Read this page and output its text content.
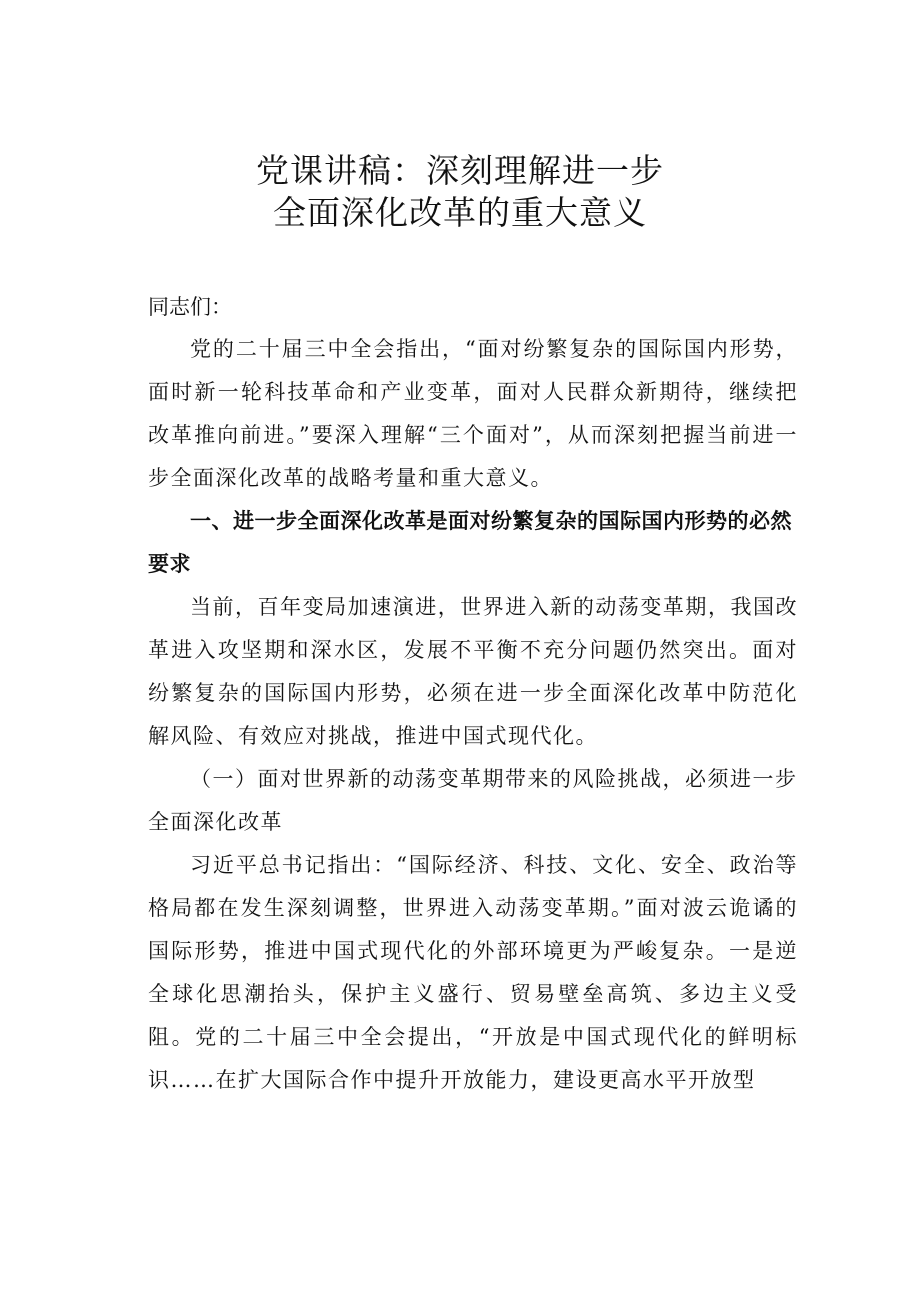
党课讲稿：深刻理解进一步
全面深化改革的重大意义
同志们：

党的二十届三中全会指出，“面对纷繁复杂的国际国内形势，面时新一轮科技革命和产业变革，面对人民群众新期待，继续把改革推向前进。”要深入理解“三个面对”，从而深刻把握当前进一步全面深化改革的战略考量和重大意义。

一、进一步全面深化改革是面对纷繁复杂的国际国内形势的必然要求

当前，百年变局加速演进，世界进入新的动荡变革期，我国改革进入攻坚期和深水区，发展不平衡不充分问题仍然突出。面对纷繁复杂的国际国内形势，必须在进一步全面深化改革中防范化解风险、有效应对挑战，推进中国式现代化。

（一）面对世界新的动荡变革期带来的风险挑战，必须进一步全面深化改革

习近平总书记指出：“国际经济、科技、文化、安全、政治等格局都在发生深刻调整，世界进入动荡变革期。”面对波云诡谲的国际形势，推进中国式现代化的外部环境更为严峻复杂。一是逆全球化思潮抬头，保护主义盛行、贸易壁垒高筑、多边主义受阻。党的二十届三中全会提出，“开放是中国式现代化的鲜明标识……在扩大国际合作中提升开放能力，建设更高水平开放型
